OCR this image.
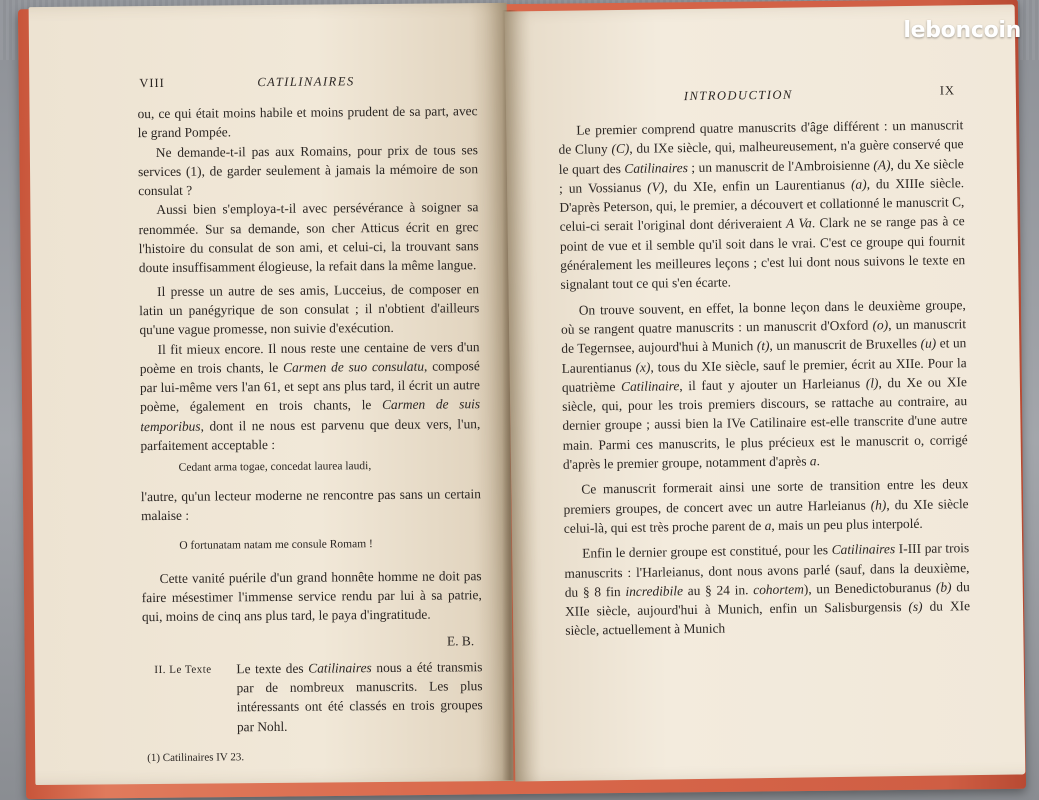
VIII	CATILINAIRES

ou, ce qui était moins habile et moins prudent de sa part, avec le grand Pompée.

Ne demande-t-il pas aux Romains, pour prix de tous ses services (1), de garder seulement à jamais la mémoire de son consulat ?

Aussi bien s'employa-t-il avec persévérance à soigner sa renommée. Sur sa demande, son cher Atticus écrit en grec l'histoire du consulat de son ami, et celui-ci, la trouvant sans doute insuffisamment élogieuse, la refait dans la même langue.

Il presse un autre de ses amis, Lucceius, de composer en latin un panégyrique de son consulat ; il n'obtient d'ailleurs qu'une vague promesse, non suivie d'exécution.

Il fit mieux encore. Il nous reste une centaine de vers d'un poème en trois chants, le Carmen de suo consulatu, composé par lui-même vers l'an 61, et sept ans plus tard, il écrit un autre poème, également en trois chants, le Carmen de suis temporibus, dont il ne nous est parvenu que deux vers, l'un, parfaitement acceptable :

Cedant arma togae, concedat laurea laudi,

l'autre, qu'un lecteur moderne ne rencontre pas sans un certain malaise :

O fortunatam natam me consule Romam !

Cette vanité puérile d'un grand honnête homme ne doit pas faire mésestimer l'immense service rendu par lui à sa patrie, qui, moins de cinq ans plus tard, le paya d'ingratitude.

E. B.

II. Le Texte	Le texte des Catilinaires nous a été transmis par de nombreux manuscrits. Les plus intéressants ont été classés en trois groupes par Nohl.
(1) Catilinaires IV 23.
INTRODUCTION	IX

Le premier comprend quatre manuscrits d'âge différent : un manuscrit de Cluny (C), du IXe siècle, qui, malheureusement, n'a guère conservé que le quart des Catilinaires ; un manuscrit de l'Ambroisienne (A), du Xe siècle ; un Vossianus (V), du XIe, enfin un Laurentianus (a), du XIIIe siècle. D'après Peterson, qui, le premier, a découvert et collationné le manuscrit C, celui-ci serait l'original dont dériveraient A Va. Clark ne se range pas à ce point de vue et il semble qu'il soit dans le vrai. C'est ce groupe qui fournit généralement les meilleures leçons ; c'est lui dont nous suivons le texte en signalant tout ce qui s'en écarte.

On trouve souvent, en effet, la bonne leçon dans le deuxième groupe, où se rangent quatre manuscrits : un manuscrit d'Oxford (o), un manuscrit de Tegernsee, aujourd'hui à Munich (t), un manuscrit de Bruxelles (u) et un Laurentianus (x), tous du XIe siècle, sauf le premier, écrit au XIIe. Pour la quatrième Catilinaire, il faut y ajouter un Harleianus (l), du Xe ou XIe siècle, qui, pour les trois premiers discours, se rattache au contraire, au dernier groupe ; aussi bien la IVe Catilinaire est-elle transcrite d'une autre main. Parmi ces manuscrits, le plus précieux est le manuscrit o, corrigé d'après le premier groupe, notamment d'après a.

Ce manuscrit formerait ainsi une sorte de transition entre les deux premiers groupes, de concert avec un autre Harleianus (h), du XIe siècle celui-là, qui est très proche parent de a, mais un peu plus interpolé.

Enfin le dernier groupe est constitué, pour les Catilinaires I-III par trois manuscrits : l'Harleianus, dont nous avons parlé (sauf, dans la deuxième, du § 8 fin incredibile au § 24 in. cohortem), un Benedictoburanus (b) du XIIe siècle, aujourd'hui à Munich, enfin un Salisburgensis (s) du XIe siècle, actuellement à Munich

leboncoin
